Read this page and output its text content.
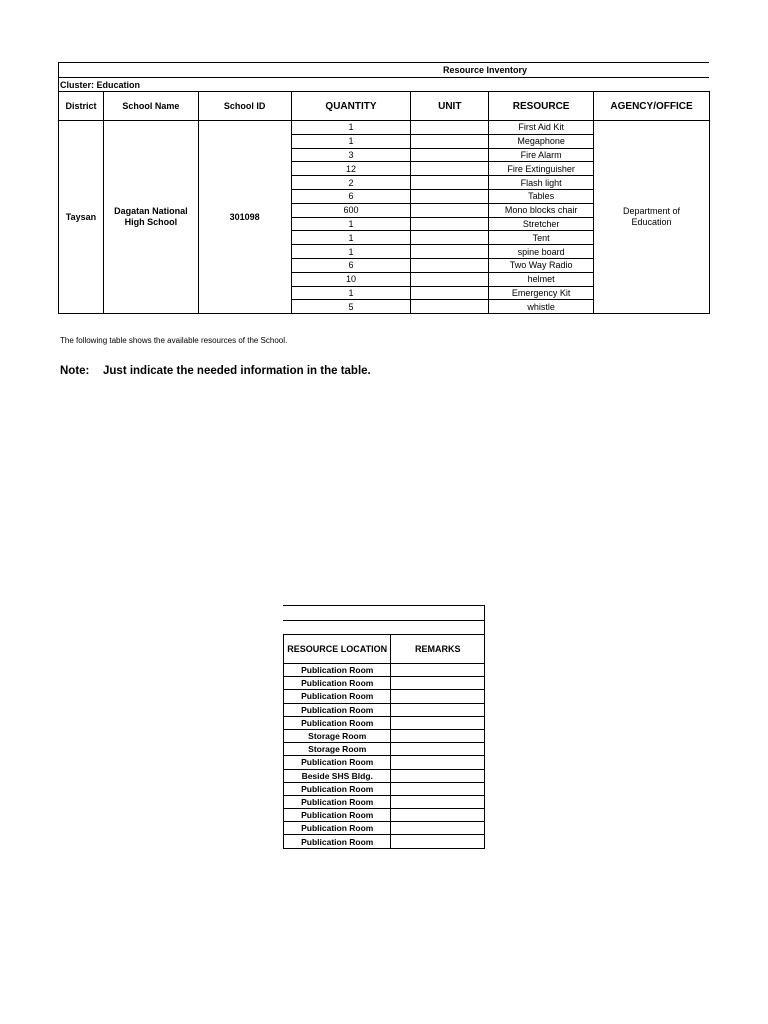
Resource Inventory
Cluster: Education
District	School Name	School ID	QUANTITY	UNIT	RESOURCE	AGENCY/OFFICE
Taysan	Dagatan National High School	301098	1		First Aid Kit	Department of Education
			1		Megaphone	
			3		Fire Alarm	
			12		Fire Extinguisher	
			2		Flash light	
			6		Tables	
			600		Mono blocks chair	
			1		Stretcher	
			1		Tent	
			1		spine board	
			6		Two Way Radio	
			10		helmet	
			1		Emergency Kit	
			5		whistle	
The following table shows the available resources of the School.
Note: Just indicate the needed information in the table.
RESOURCE LOCATION	REMARKS
Publication Room	
Publication Room	
Publication Room	
Publication Room	
Publication Room	
Storage Room	
Storage Room	
Publication Room	
Beside SHS Bldg.	
Publication Room	
Publication Room	
Publication Room	
Publication Room	
Publication Room	
